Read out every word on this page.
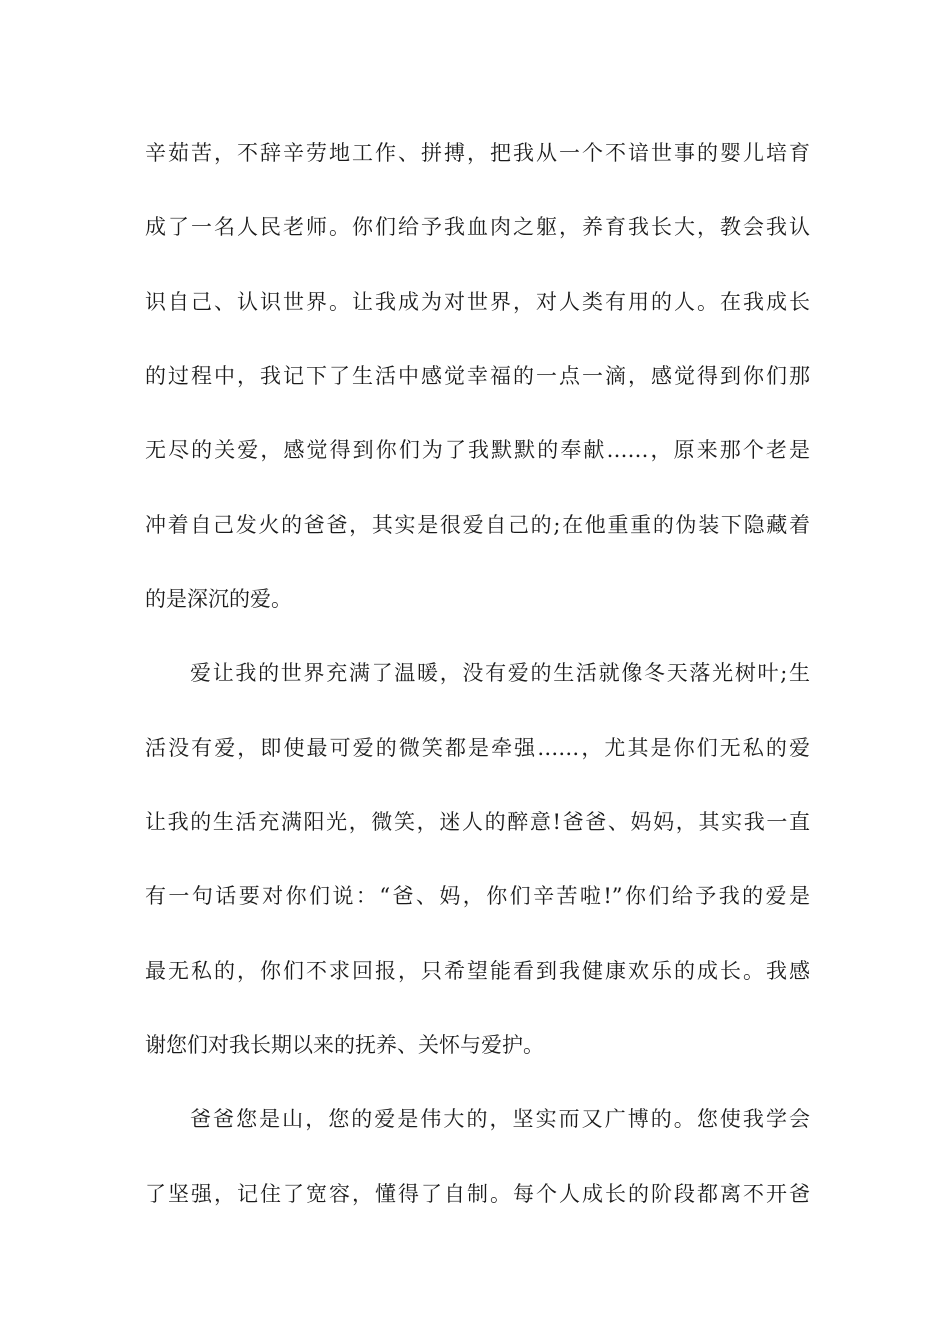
辛茹苦，不辞辛劳地工作、拼搏，把我从一个不谙世事的婴儿培育
成了一名人民老师。你们给予我血肉之躯，养育我长大，教会我认
识自己、认识世界。让我成为对世界，对人类有用的人。在我成长
的过程中，我记下了生活中感觉幸福的一点一滴，感觉得到你们那
无尽的关爱，感觉得到你们为了我默默的奉献……，原来那个老是
冲着自己发火的爸爸，其实是很爱自己的;在他重重的伪装下隐藏着
的是深沉的爱。
爱让我的世界充满了温暖，没有爱的生活就像冬天落光树叶;生
活没有爱，即使最可爱的微笑都是牵强……，尤其是你们无私的爱
让我的生活充满阳光，微笑，迷人的醉意!爸爸、妈妈，其实我一直
有一句话要对你们说：“爸、妈，你们辛苦啦!”你们给予我的爱是
最无私的，你们不求回报，只希望能看到我健康欢乐的成长。我感
谢您们对我长期以来的抚养、关怀与爱护。
爸爸您是山，您的爱是伟大的，坚实而又广博的。您使我学会
了坚强，记住了宽容，懂得了自制。每个人成长的阶段都离不开爸
